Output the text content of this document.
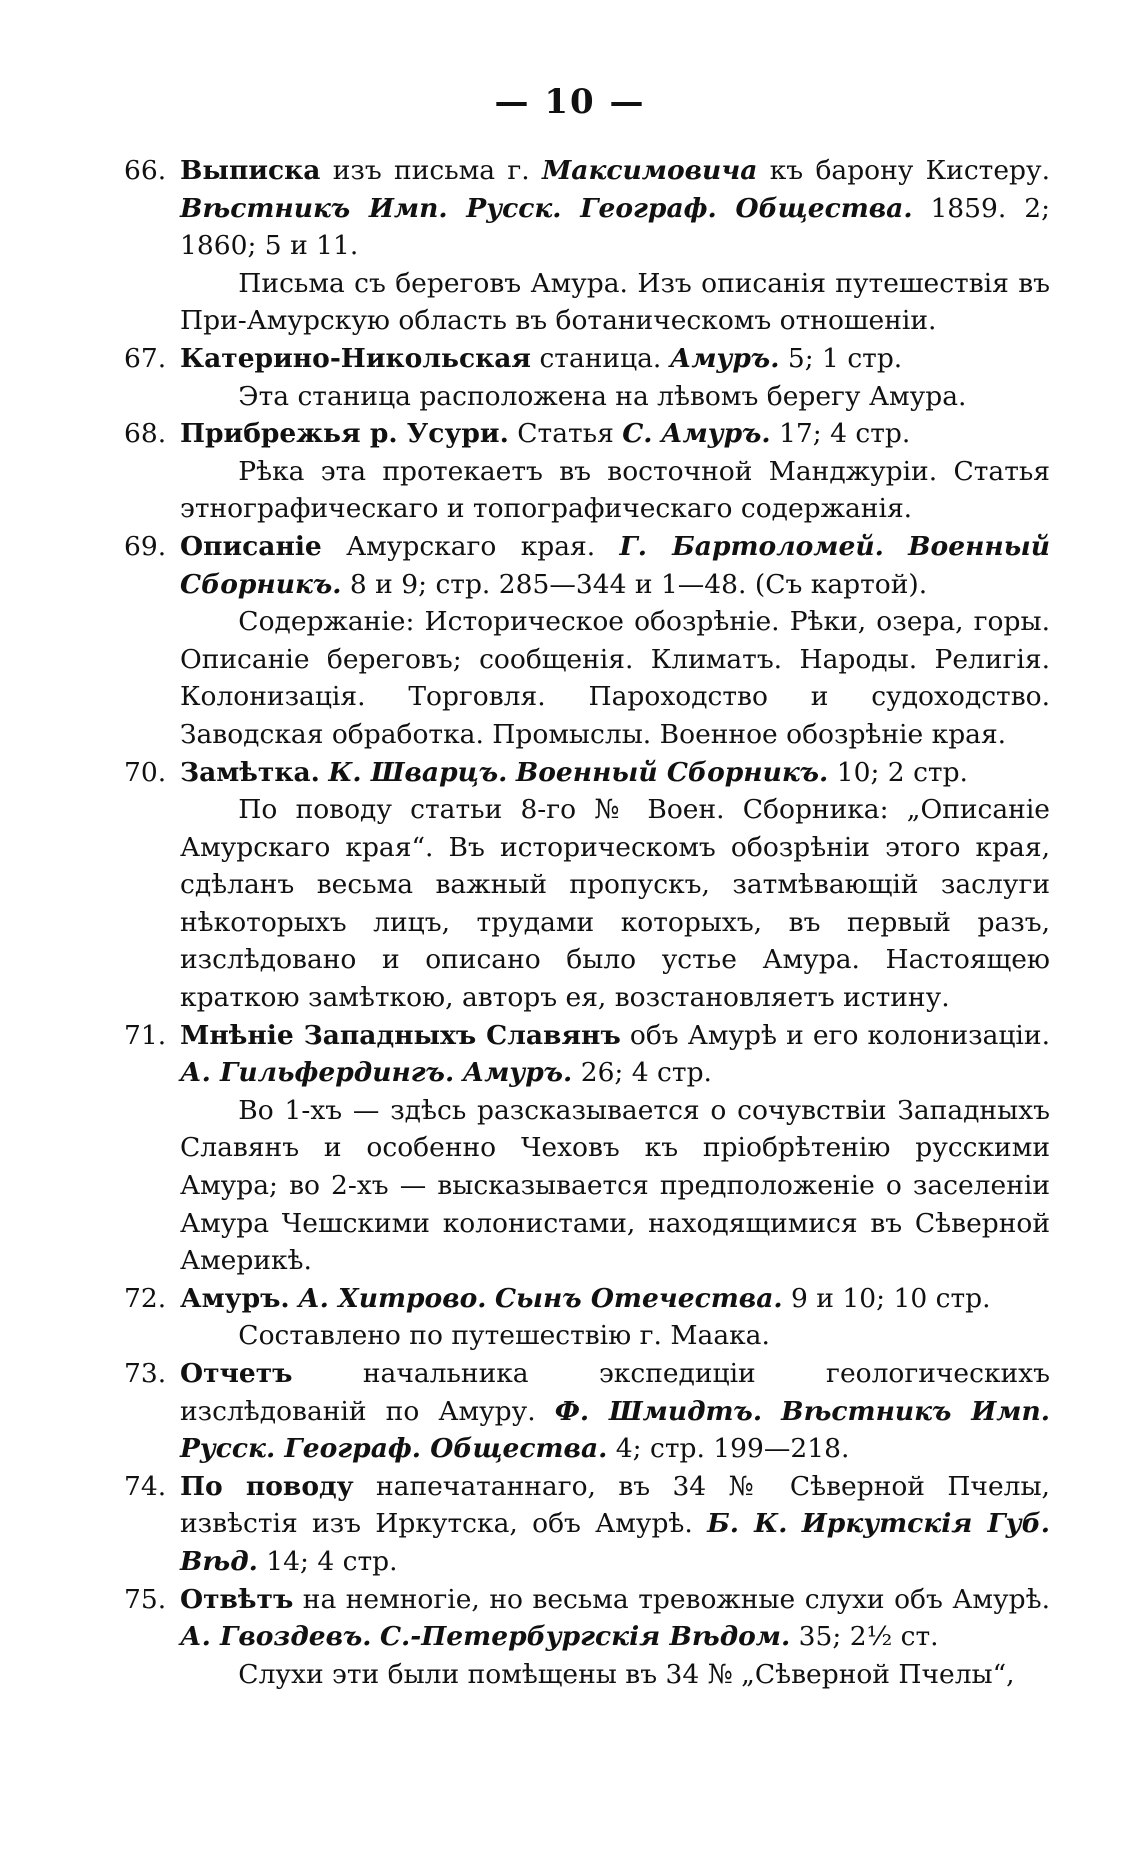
— 10 —
66. Выписка изъ письма г. Максимовича къ барону Кистеру. Вѣстникъ Имп. Русск. Географ. Общества. 1859. 2; 1860; 5 и 11.
Письма съ береговъ Амура. Изъ описанія путешествія въ При-Амурскую область въ ботаническомъ отношеніи.
67. Катерино-Никольская станица. Амуръ. 5; 1 стр.
Эта станица расположена на лѣвомъ берегу Амура.
68. Прибрежья р. Усури. Статья С. Амуръ. 17; 4 стр.
Рѣка эта протекаетъ въ восточной Манджуріи. Статья этнографическаго и топографическаго содержанія.
69. Описаніе Амурскаго края. Г. Бартоломей. Военный Сборникъ. 8 и 9; стр. 285—344 и 1—48. (Съ картой).
Содержаніе: Историческое обозрѣніе. Рѣки, озера, горы. Описаніе береговъ; сообщенія. Климатъ. Народы. Религія. Колонизація. Торговля. Пароходство и судоходство. Заводская обработка. Промыслы. Военное обозрѣніе края.
70. Замѣтка. К. Шварцъ. Военный Сборникъ. 10; 2 стр.
По поводу статьи 8-го № Воен. Сборника: „Описаніе Амурскаго края“. Въ историческомъ обозрѣніи этого края, сдѣланъ весьма важный пропускъ, затмѣвающій заслуги нѣкоторыхъ лицъ, трудами которыхъ, въ первый разъ, изслѣдовано и описано было устье Амура. Настоящею краткою замѣткою, авторъ ея, возстановляетъ истину.
71. Мнѣніе Западныхъ Славянъ объ Амурѣ и его колонизаціи. А. Гильфердингъ. Амуръ. 26; 4 стр.
Во 1-хъ — здѣсь разсказывается о сочувствіи Западныхъ Славянъ и особенно Чеховъ къ пріобрѣтенію русскими Амура; во 2-хъ — высказывается предположеніе о заселеніи Амура Чешскими колонистами, находящимися въ Сѣверной Америкѣ.
72. Амуръ. А. Хитрово. Сынъ Отечества. 9 и 10; 10 стр.
Составлено по путешествію г. Маака.
73. Отчетъ начальника экспедиціи геологическихъ изслѣдованій по Амуру. Ф. Шмидтъ. Вѣстникъ Имп. Русск. Географ. Общества. 4; стр. 199—218.
74. По поводу напечатаннаго, въ 34 № Сѣверной Пчелы, извѣстія изъ Иркутска, объ Амурѣ. Б. К. Иркутскія Губ. Вѣд. 14; 4 стр.
75. Отвѣтъ на немногіе, но весьма тревожные слухи объ Амурѣ. А. Гвоздевъ. С.-Петербургскія Вѣдом. 35; 2½ ст.
Слухи эти были помѣщены въ 34 № „Сѣверной Пчелы“,
